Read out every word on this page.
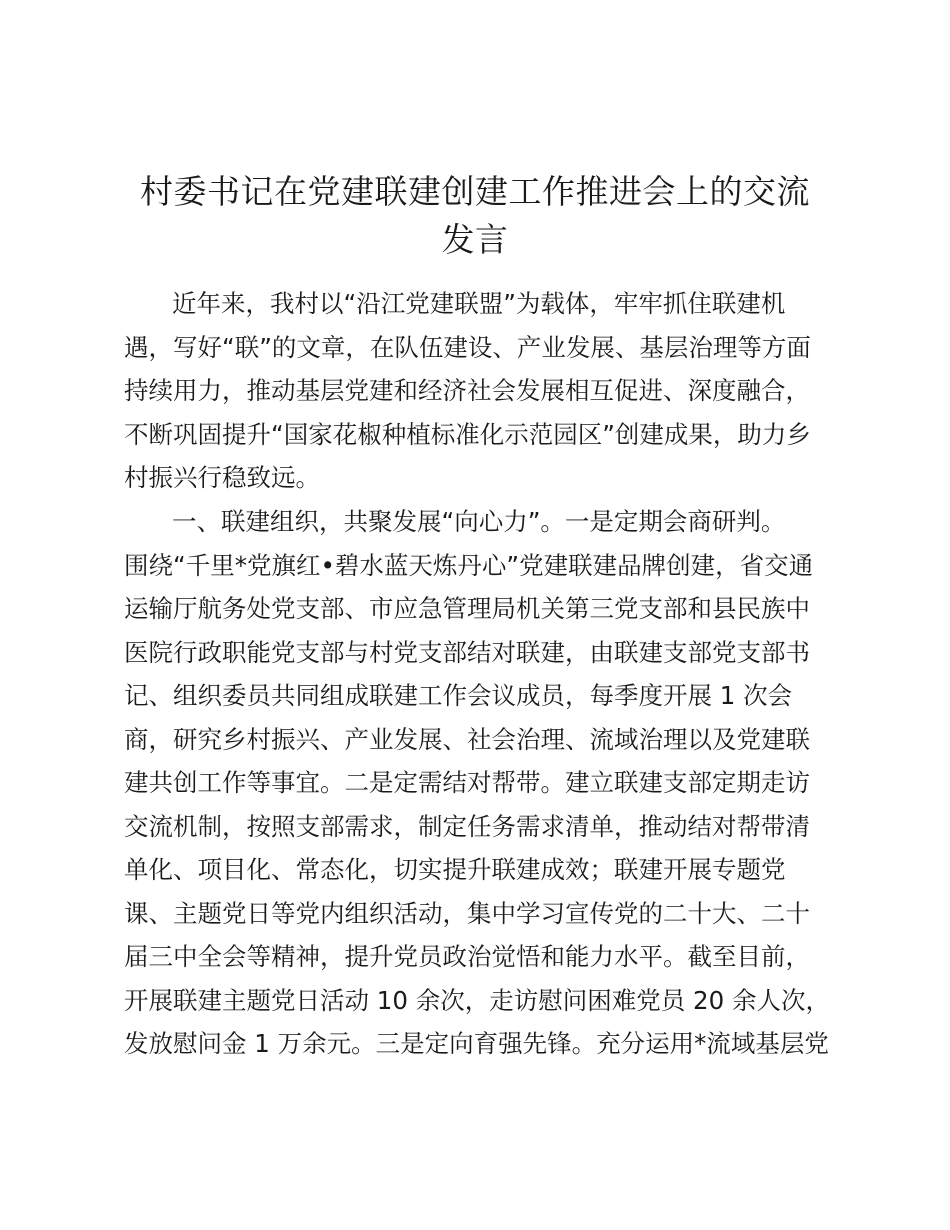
村委书记在党建联建创建工作推进会上的交流
发言

近年来，我村以“沿江党建联盟”为载体，牢牢抓住联建机

遇，写好“联”的文章，在队伍建设、产业发展、基层治理等方面

持续用力，推动基层党建和经济社会发展相互促进、深度融合，

不断巩固提升“国家花椒种植标准化示范园区”创建成果，助力乡

村振兴行稳致远。

一、联建组织，共聚发展“向心力”。一是定期会商研判。

围绕“千里*党旗红•碧水蓝天炼丹心”党建联建品牌创建，省交通

运输厅航务处党支部、市应急管理局机关第三党支部和县民族中

医院行政职能党支部与村党支部结对联建，由联建支部党支部书

记、组织委员共同组成联建工作会议成员，每季度开展 1 次会

商，研究乡村振兴、产业发展、社会治理、流域治理以及党建联

建共创工作等事宜。二是定需结对帮带。建立联建支部定期走访

交流机制，按照支部需求，制定任务需求清单，推动结对帮带清

单化、项目化、常态化，切实提升联建成效；联建开展专题党

课、主题党日等党内组织活动，集中学习宣传党的二十大、二十

届三中全会等精神，提升党员政治觉悟和能力水平。截至目前，

开展联建主题党日活动 10 余次，走访慰问困难党员 20 余人次，

发放慰问金 1 万余元。三是定向育强先锋。充分运用*流域基层党
